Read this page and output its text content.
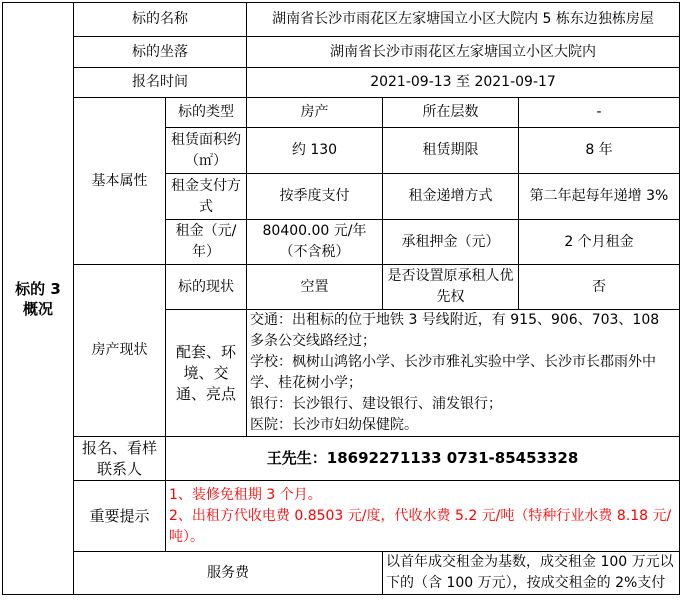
标的 3
概况	标的名称		湖南省长沙市雨花区左家塘国立小区大院内 5 栋东边独栋房屋		
	标的坐落		湖南省长沙市雨花区左家塘国立小区大院内		
	报名时间		2021-09-13 至 2021-09-17		
	基本属性	标的类型	房产	所在层数	-
		租赁面积约（㎡）	约 130	租赁期限	8 年
		租金支付方式	按季度支付	租金递增方式	第二年起每年递增 3%
		租金（元/年）	80400.00 元/年（不含税）	承租押金（元）	2 个月租金
	房产现状	标的现状	空置	是否设置原承租人优先权	否
		配套、环境、交通、亮点	交通：出租标的位于地铁 3 号线附近，有 915、906、703、108 多条公交线路经过；
学校：枫树山鸿铭小学、长沙市雅礼实验中学、长沙市长郡雨外中学、桂花树小学；
银行：长沙银行、建设银行、浦发银行；
医院：长沙市妇幼保健院。		

	报名、看样联系人	王先生：18692271133 0731-85453328			
	重要提示	1、装修免租期 3 个月。
2、出租方代收电费 0.8503 元/度，代收水费 5.2 元/吨（特种行业水费 8.18 元/吨）。			

	服务费			以首年成交租金为基数，成交租金 100 万元以下的（含 100 万元），按成交租金的 2%支付	
